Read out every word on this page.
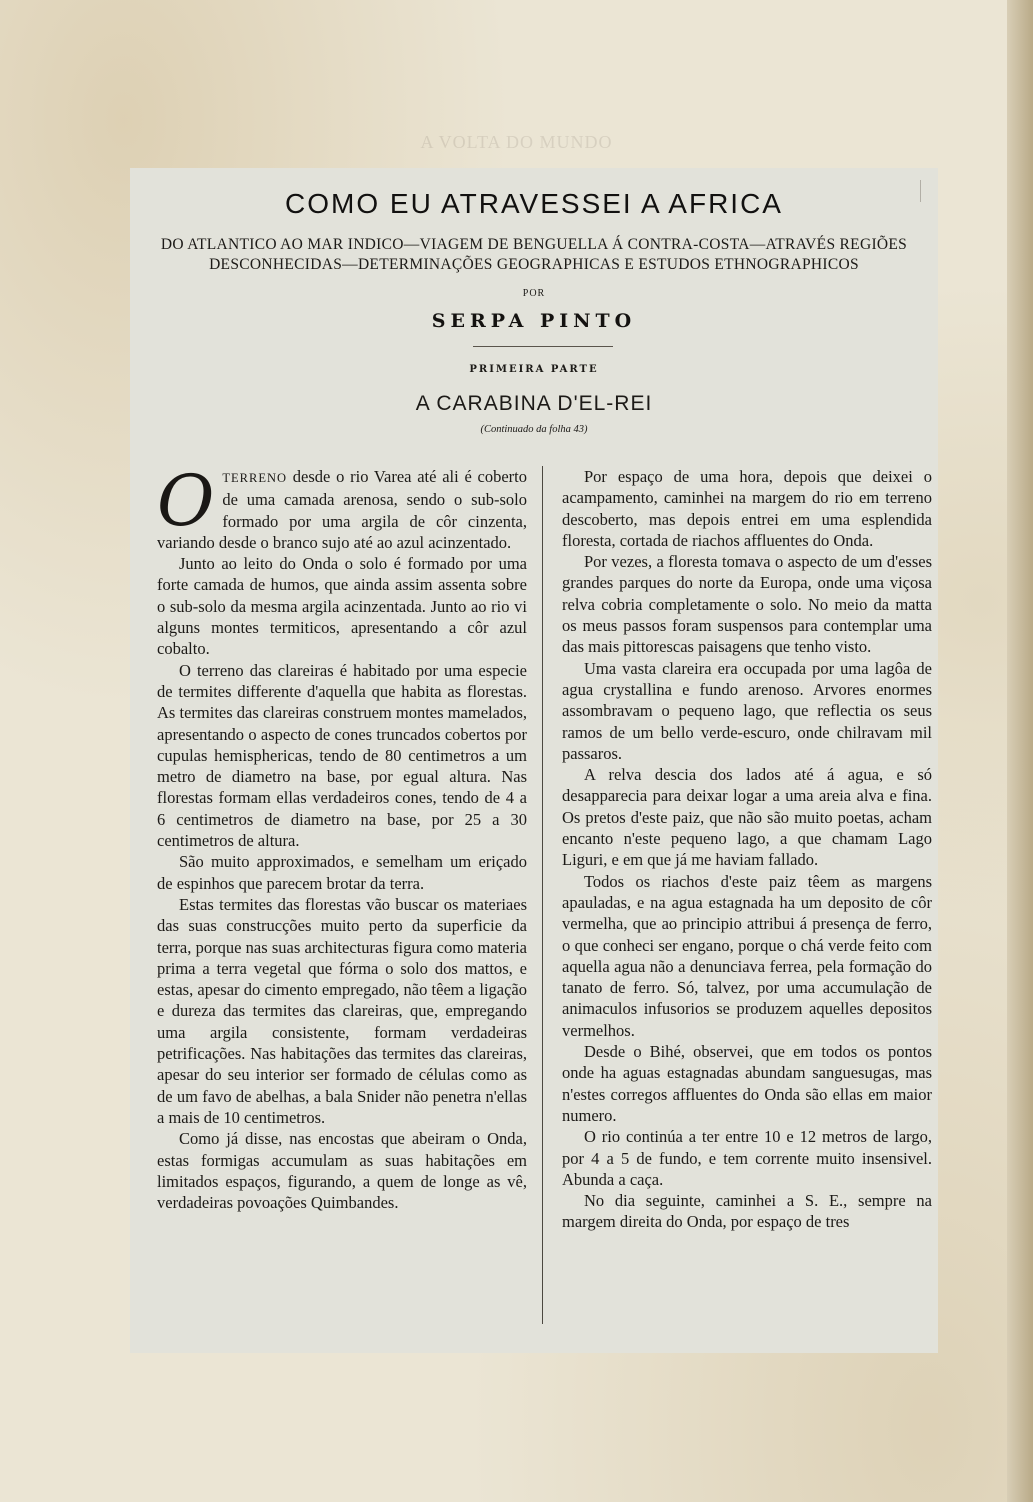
A VOLTA DO MUNDO
COMO EU ATRAVESSEI A AFRICA
DO ATLANTICO AO MAR INDICO—VIAGEM DE BENGUELLA Á CONTRA-COSTA—ATRAVÉS REGIÕES
DESCONHECIDAS—DETERMINAÇÕES GEOGRAPHICAS E ESTUDOS ETHNOGRAPHICOS
POR
SERPA PINTO
PRIMEIRA PARTE
A CARABINA D'EL-REI
(Continuado da folha 43)

OTERRENO desde o rio Varea até ali é coberto de uma camada arenosa, sendo o sub-solo formado por uma argila de côr cinzenta, variando desde o branco sujo até ao azul acinzentado.

Junto ao leito do Onda o solo é formado por uma forte camada de humos, que ainda assim assenta sobre o sub-solo da mesma argila acinzentada. Junto ao rio vi alguns montes termiticos, apresentando a côr azul cobalto.

O terreno das clareiras é habitado por uma especie de termites differente d'aquella que habita as florestas. As termites das clareiras construem montes mamelados, apresentando o aspecto de cones truncados cobertos por cupulas hemisphericas, tendo de 80 centimetros a um metro de diametro na base, por egual altura. Nas florestas formam ellas verdadeiros cones, tendo de 4 a 6 centimetros de diametro na base, por 25 a 30 centimetros de altura.

São muito approximados, e semelham um eriçado de espinhos que parecem brotar da terra.

Estas termites das florestas vão buscar os materiaes das suas construcções muito perto da superficie da terra, porque nas suas architecturas figura como materia prima a terra vegetal que fórma o solo dos mattos, e estas, apesar do cimento empregado, não têem a ligação e dureza das termites das clareiras, que, empregando uma argila consistente, formam verdadeiras petrificações. Nas habitações das termites das clareiras, apesar do seu interior ser formado de células como as de um favo de abelhas, a bala Snider não penetra n'ellas a mais de 10 centimetros.

Como já disse, nas encostas que abeiram o Onda, estas formigas accumulam as suas habitações em limitados espaços, figurando, a quem de longe as vê, verdadeiras povoações Quimbandes.

Por espaço de uma hora, depois que deixei o acampamento, caminhei na margem do rio em terreno descoberto, mas depois entrei em uma esplendida floresta, cortada de riachos affluentes do Onda.

Por vezes, a floresta tomava o aspecto de um d'esses grandes parques do norte da Europa, onde uma viçosa relva cobria completamente o solo. No meio da matta os meus passos foram suspensos para contemplar uma das mais pittorescas paisagens que tenho visto.

Uma vasta clareira era occupada por uma lagôa de agua crystallina e fundo arenoso. Arvores enormes assombravam o pequeno lago, que reflectia os seus ramos de um bello verde-escuro, onde chilravam mil passaros.

A relva descia dos lados até á agua, e só desapparecia para deixar logar a uma areia alva e fina. Os pretos d'este paiz, que não são muito poetas, acham encanto n'este pequeno lago, a que chamam Lago Liguri, e em que já me haviam fallado.

Todos os riachos d'este paiz têem as margens apauladas, e na agua estagnada ha um deposito de côr vermelha, que ao principio attribui á presença de ferro, o que conheci ser engano, porque o chá verde feito com aquella agua não a denunciava ferrea, pela formação do tanato de ferro. Só, talvez, por uma accumulação de animaculos infusorios se produzem aquelles depositos vermelhos.

Desde o Bihé, observei, que em todos os pontos onde ha aguas estagnadas abundam sanguesugas, mas n'estes corregos affluentes do Onda são ellas em maior numero.

O rio continúa a ter entre 10 e 12 metros de largo, por 4 a 5 de fundo, e tem corrente muito insensivel. Abunda a caça.

No dia seguinte, caminhei a S. E., sempre na margem direita do Onda, por espaço de tres
